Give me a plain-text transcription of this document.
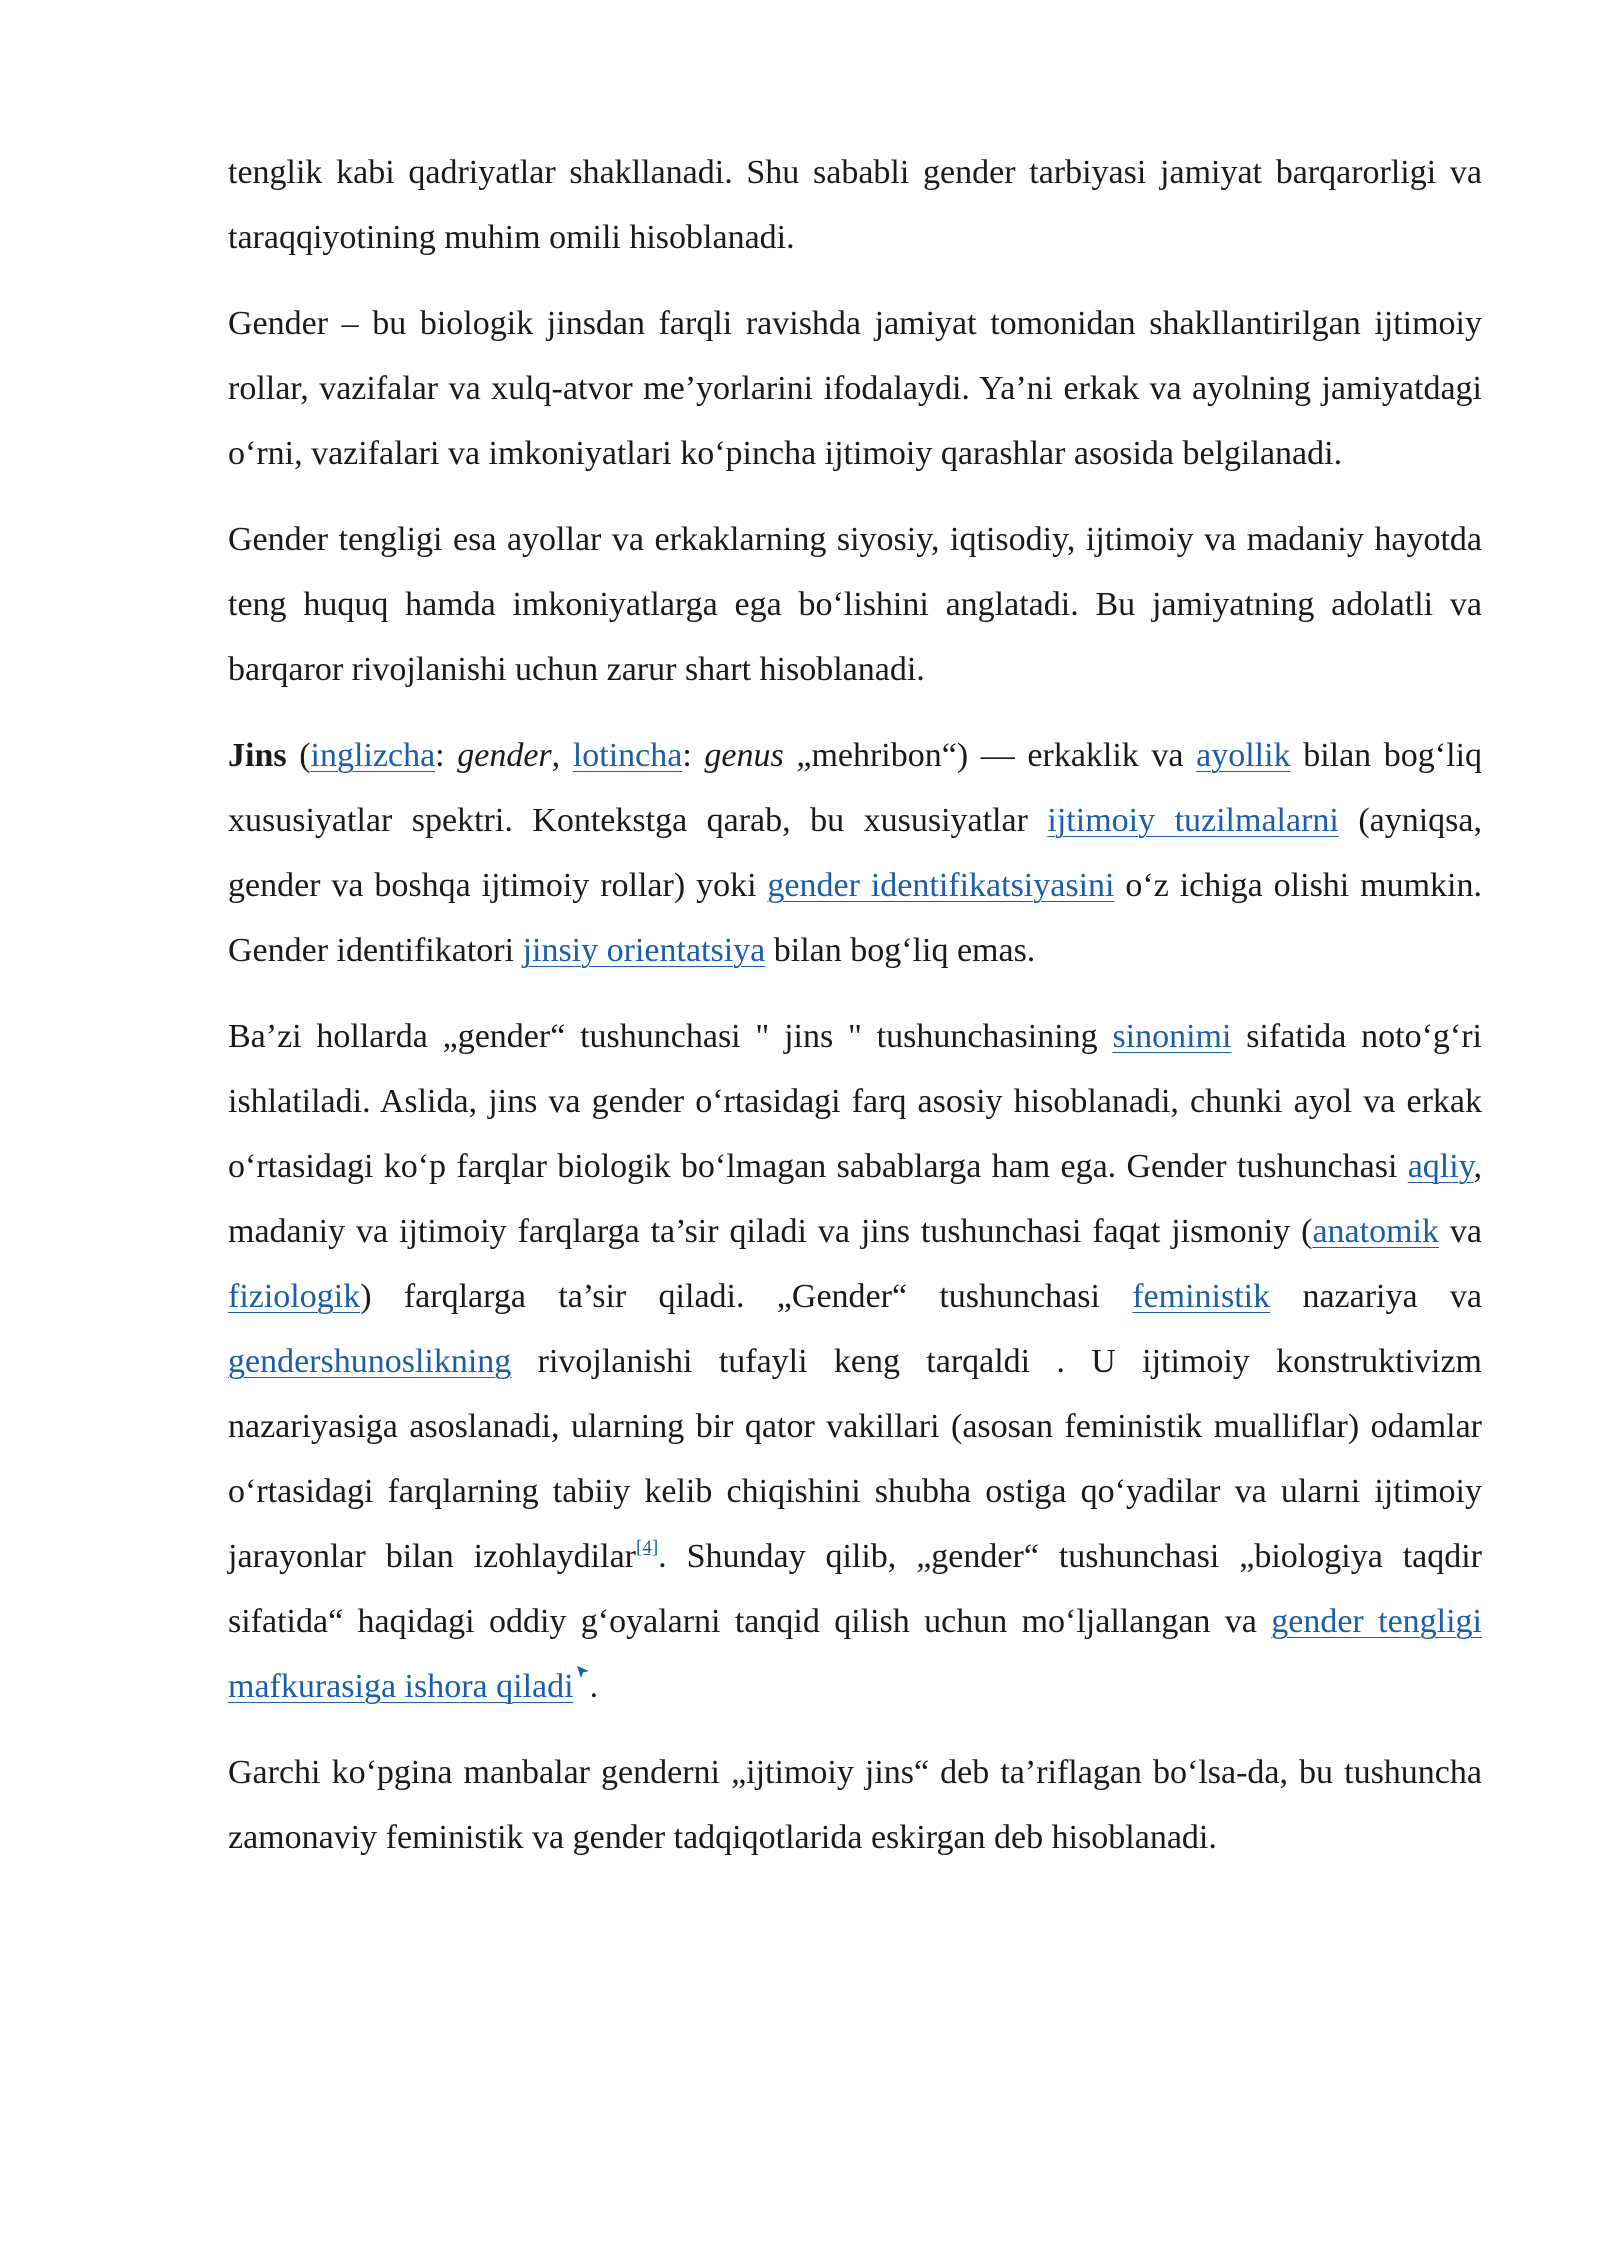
tenglik kabi qadriyatlar shakllanadi. Shu sababli gender tarbiyasi jamiyat barqarorligi va taraqqiyotining muhim omili hisoblanadi.

Gender – bu biologik jinsdan farqli ravishda jamiyat tomonidan shakllantirilgan ijtimoiy rollar, vazifalar va xulq-atvor me’yorlarini ifodalaydi. Ya’ni erkak va ayolning jamiyatdagi o‘rni, vazifalari va imkoniyatlari ko‘pincha ijtimoiy qarashlar asosida belgilanadi.

Gender tengligi esa ayollar va erkaklarning siyosiy, iqtisodiy, ijtimoiy va madaniy hayotda teng huquq hamda imkoniyatlarga ega bo‘lishini anglatadi. Bu jamiyatning adolatli va barqaror rivojlanishi uchun zarur shart hisoblanadi.

Jins (inglizcha: gender, lotincha: genus „mehribon“) — erkaklik va ayollik bilan bog‘liq xususiyatlar spektri. Kontekstga qarab, bu xususiyatlar ijtimoiy tuzilmalarni (ayniqsa, gender va boshqa ijtimoiy rollar) yoki gender identifikatsiyasini o‘z ichiga olishi mumkin. Gender identifikatori jinsiy orientatsiya bilan bog‘liq emas.

Ba’zi hollarda „gender“ tushunchasi " jins " tushunchasining sinonimi sifatida noto‘g‘ri ishlatiladi. Aslida, jins va gender o‘rtasidagi farq asosiy hisoblanadi, chunki ayol va erkak o‘rtasidagi ko‘p farqlar biologik bo‘lmagan sabablarga ham ega. Gender tushunchasi aqliy, madaniy va ijtimoiy farqlarga ta’sir qiladi va jins tushunchasi faqat jismoniy (anatomik va fiziologik) farqlarga ta’sir qiladi. „Gender“ tushunchasi feministik nazariya va gendershunoslikning rivojlanishi tufayli keng tarqaldi . U ijtimoiy konstruktivizm nazariyasiga asoslanadi, ularning bir qator vakillari (asosan feministik mualliflar) odamlar o‘rtasidagi farqlarning tabiiy kelib chiqishini shubha ostiga qo‘yadilar va ularni ijtimoiy jarayonlar bilan izohlaydilar[4]. Shunday qilib, „gender“ tushunchasi „biologiya taqdir sifatida“ haqidagi oddiy g‘oyalarni tanqid qilish uchun mo‘ljallangan va gender tengligi mafkurasiga ishora qiladi .

Garchi ko‘pgina manbalar genderni „ijtimoiy jins“ deb ta’riflagan bo‘lsa-da, bu tushuncha zamonaviy feministik va gender tadqiqotlarida eskirgan deb hisoblanadi.
